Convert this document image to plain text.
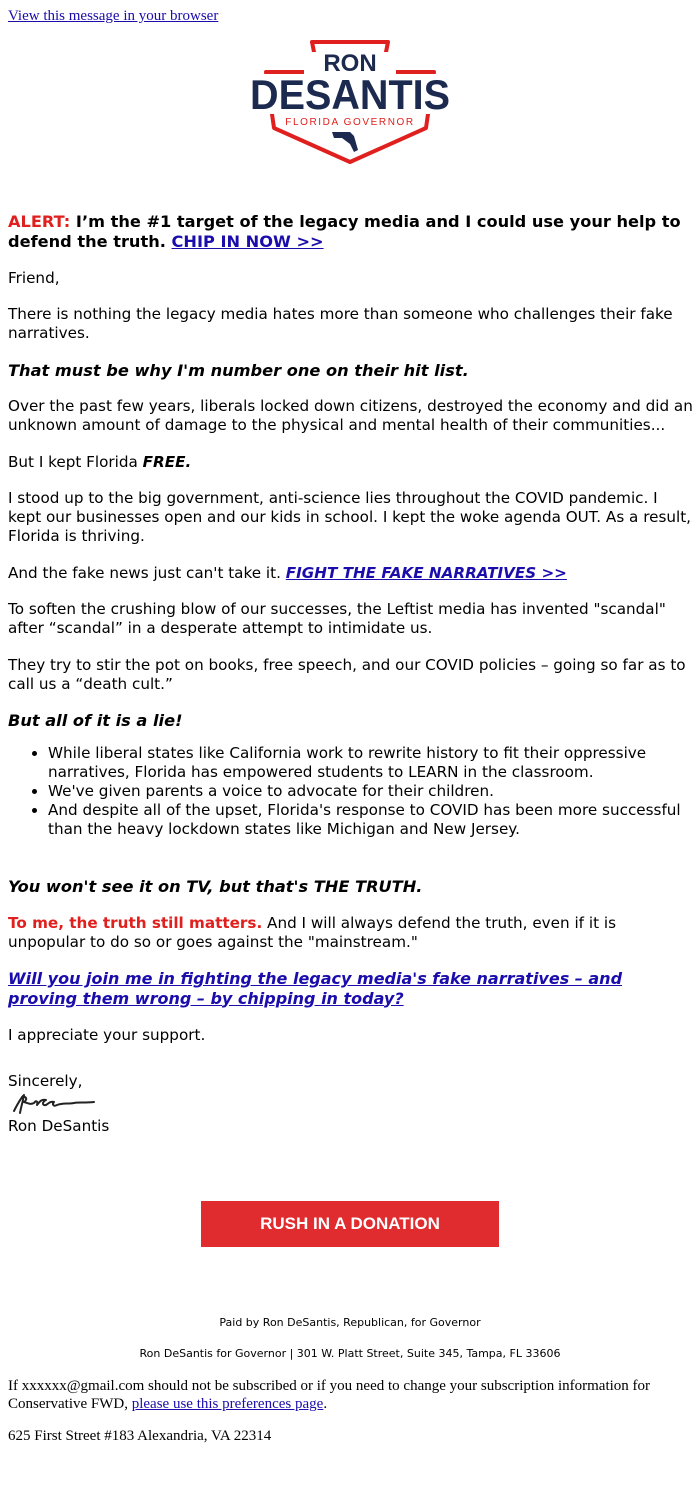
View this message in your browser
RON
DESANTIS
FLORIDA GOVERNOR

ALERT: I’m the #1 target of the legacy media and I could use your help to defend the truth. CHIP IN NOW >>

Friend,

There is nothing the legacy media hates more than someone who challenges their fake narratives.

That must be why I'm number one on their hit list.

Over the past few years, liberals locked down citizens, destroyed the economy and did an unknown amount of damage to the physical and mental health of their communities...

But I kept Florida FREE.

I stood up to the big government, anti-science lies throughout the COVID pandemic. I kept our businesses open and our kids in school. I kept the woke agenda OUT. As a result, Florida is thriving.

And the fake news just can't take it. FIGHT THE FAKE NARRATIVES >>

To soften the crushing blow of our successes, the Leftist media has invented "scandal" after “scandal” in a desperate attempt to intimidate us.

They try to stir the pot on books, free speech, and our COVID policies – going so far as to call us a “death cult.”

But all of it is a lie!

• While liberal states like California work to rewrite history to fit their oppressive narratives, Florida has empowered students to LEARN in the classroom.
• We've given parents a voice to advocate for their children.
• And despite all of the upset, Florida's response to COVID has been more successful than the heavy lockdown states like Michigan and New Jersey.

You won't see it on TV, but that's THE TRUTH.

To me, the truth still matters. And I will always defend the truth, even if it is unpopular to do so or goes against the "mainstream."

Will you join me in fighting the legacy media's fake narratives – and proving them wrong – by chipping in today?

I appreciate your support.

Sincerely,
Ron DeSantis
RUSH IN A DONATION
Paid by Ron DeSantis, Republican, for Governor
Ron DeSantis for Governor | 301 W. Platt Street, Suite 345, Tampa, FL 33606
If xxxxxx@gmail.com should not be subscribed or if you need to change your subscription information for Conservative FWD, please use this preferences page.
625 First Street #183 Alexandria, VA 22314
